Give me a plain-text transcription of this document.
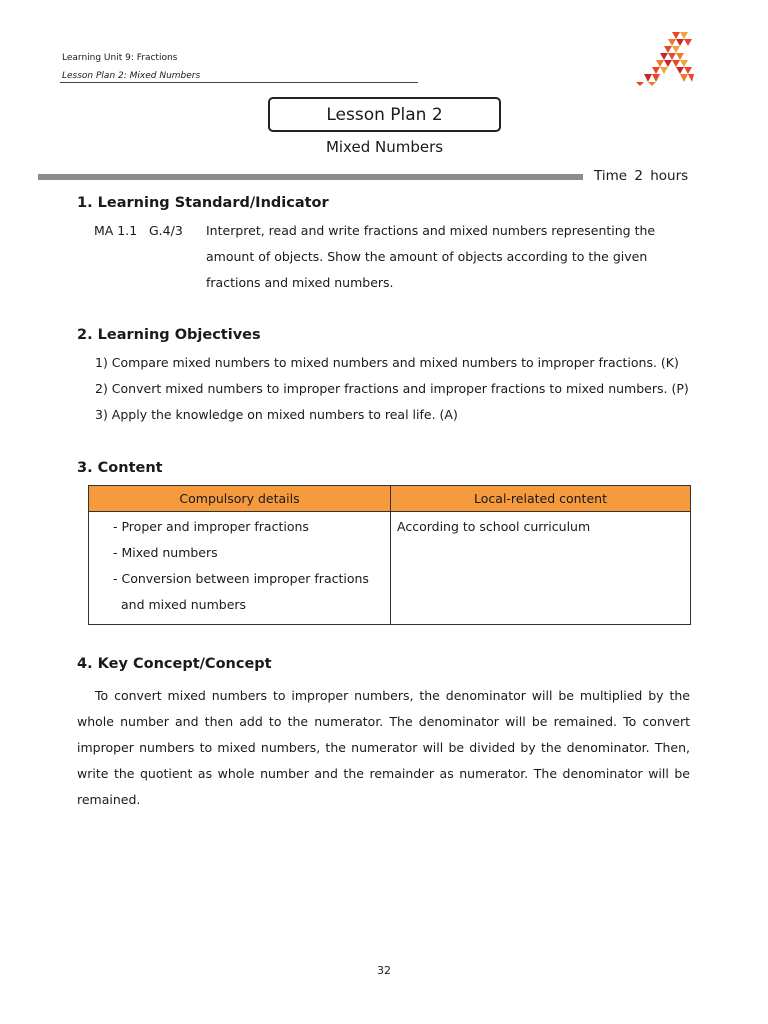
Learning Unit 9: Fractions
Lesson Plan 2: Mixed Numbers
Lesson Plan 2
Mixed Numbers
Time 2 hours
1. Learning Standard/Indicator
MA 1.1 G.4/3 Interpret, read and write fractions and mixed numbers representing the
amount of objects. Show the amount of objects according to the given
fractions and mixed numbers.
2. Learning Objectives
1) Compare mixed numbers to mixed numbers and mixed numbers to improper fractions. (K)
2) Convert mixed numbers to improper fractions and improper fractions to mixed numbers. (P)
3) Apply the knowledge on mixed numbers to real life. (A)
3. Content
Compulsory details	Local-related content

- Proper and improper fractions
- Mixed numbers
- Conversion between improper fractions
and mixed numbers	According to school curriculum
4. Key Concept/Concept
To convert mixed numbers to improper numbers, the denominator will be multiplied by the whole number and then add to the numerator. The denominator will be remained. To convert improper numbers to mixed numbers, the numerator will be divided by the denominator. Then, write the quotient as whole number and the remainder as numerator. The denominator will be remained.
32
